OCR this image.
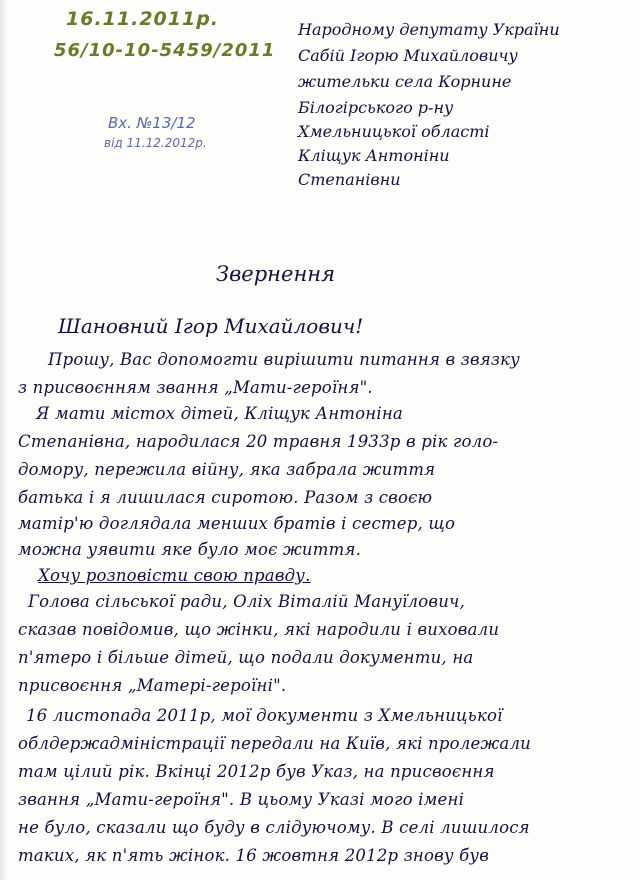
16.11.2011р.
56/10-10-5459/2011
Вх. №13/12
від 11.12.2012р.
Народному депутату України
Сабій Ігорю Михайловичу
жительки села Корнине
Білогірського р-ну
Хмельницької області
Кліщук Антоніни
Степанівни
Звернення
Шановний Ігор Михайлович!
Прошу, Вас допомогти вирішити питання в звязку
з присвоєнням звання „Мати-героїня".
Я мати містох дітей, Кліщук Антоніна
Степанівна, народилася 20 травня 1933р в рік голо-
домору, пережила війну, яка забрала життя
батька і я лишилася сиротою. Разом з своєю
матір'ю доглядала менших братів і сестер, що
можна уявити яке було моє життя.
Хочу розповісти свою правду.
Голова сільської ради, Оліх Віталій Мануїлович,
сказав повідомив, що жінки, які народили і виховали
п'ятеро і більше дітей, що подали документи, на
присвоєння „Матері-героїні".
16 листопада 2011р, мої документи з Хмельницької
облдержадміністрації передали на Київ, які пролежали
там цілий рік. Вкінці 2012р був Указ, на присвоєння
звання „Мати-героїня". В цьому Указі мого імені
не було, сказали що буду в слідуючому. В селі лишилося
таких, як п'ять жінок. 16 жовтня 2012р знову був
